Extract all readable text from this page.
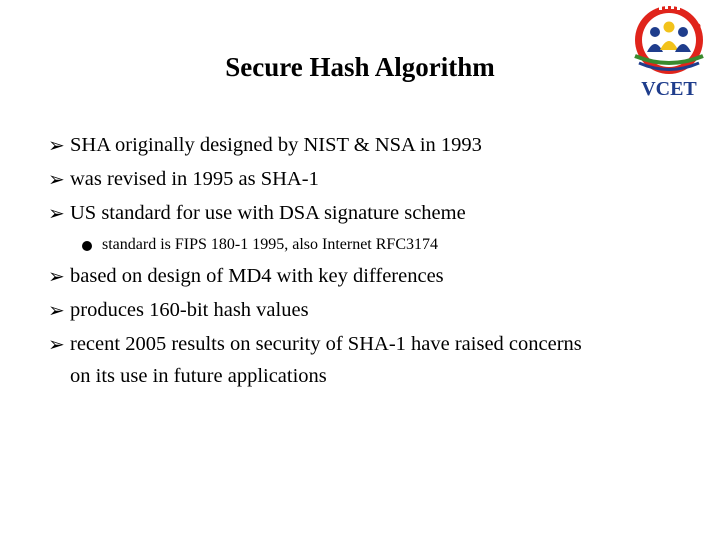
Secure Hash Algorithm
VCET
➢ SHA originally designed by NIST & NSA in 1993
➢ was revised in 1995 as SHA-1
➢ US standard for use with DSA signature scheme
standard is FIPS 180-1 1995, also Internet RFC3174
➢ based on design of MD4 with key differences
➢ produces 160-bit hash values
➢ recent 2005 results on security of SHA-1 have raised concerns
on its use in future applications
